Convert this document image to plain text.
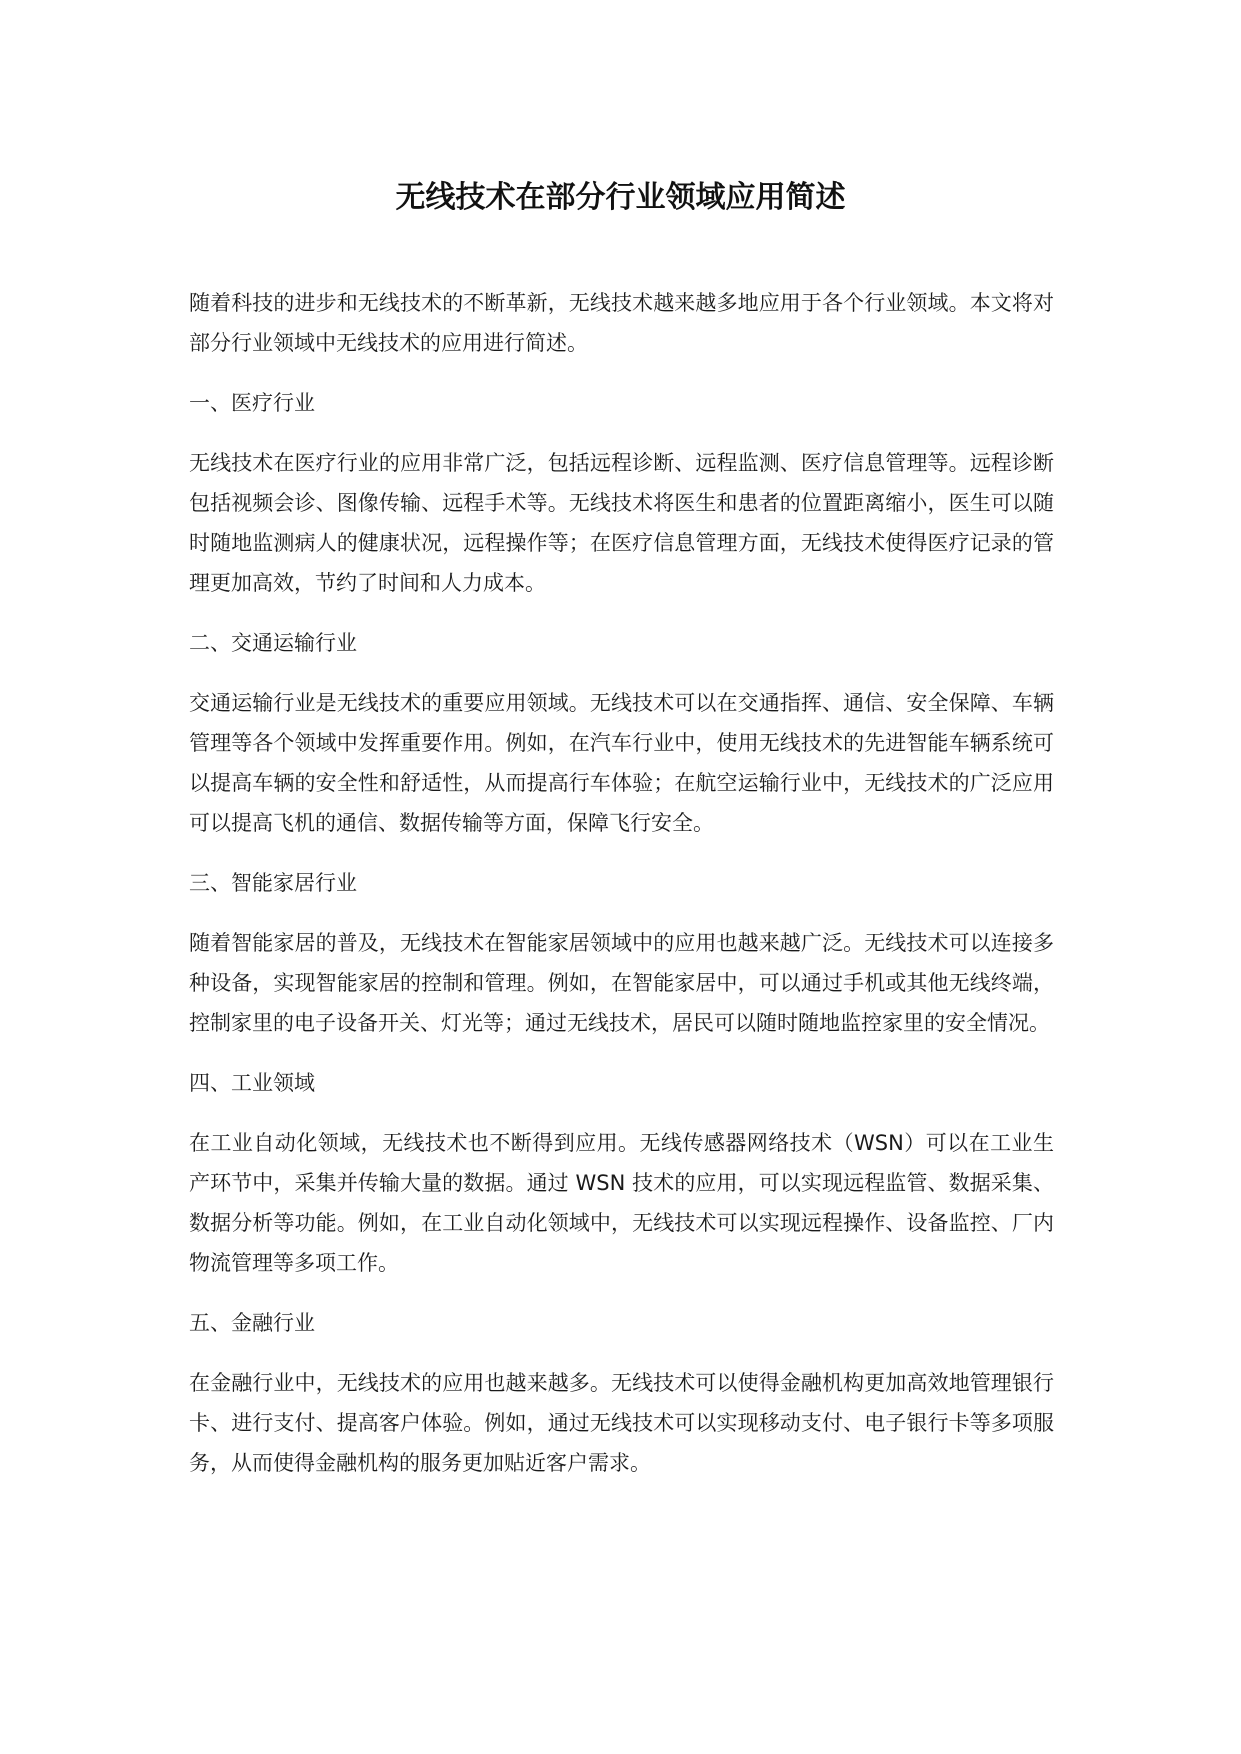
无线技术在部分行业领域应用简述

随着科技的进步和无线技术的不断革新，无线技术越来越多地应用于各个行业领域。本文将对部分行业领域中无线技术的应用进行简述。

一、医疗行业

无线技术在医疗行业的应用非常广泛，包括远程诊断、远程监测、医疗信息管理等。远程诊断包括视频会诊、图像传输、远程手术等。无线技术将医生和患者的位置距离缩小，医生可以随时随地监测病人的健康状况，远程操作等；在医疗信息管理方面，无线技术使得医疗记录的管理更加高效，节约了时间和人力成本。

二、交通运输行业

交通运输行业是无线技术的重要应用领域。无线技术可以在交通指挥、通信、安全保障、车辆管理等各个领域中发挥重要作用。例如，在汽车行业中，使用无线技术的先进智能车辆系统可以提高车辆的安全性和舒适性，从而提高行车体验；在航空运输行业中，无线技术的广泛应用可以提高飞机的通信、数据传输等方面，保障飞行安全。

三、智能家居行业

随着智能家居的普及，无线技术在智能家居领域中的应用也越来越广泛。无线技术可以连接多种设备，实现智能家居的控制和管理。例如，在智能家居中，可以通过手机或其他无线终端，控制家里的电子设备开关、灯光等；通过无线技术，居民可以随时随地监控家里的安全情况。

四、工业领域

在工业自动化领域，无线技术也不断得到应用。无线传感器网络技术（WSN）可以在工业生产环节中，采集并传输大量的数据。通过 WSN 技术的应用，可以实现远程监管、数据采集、数据分析等功能。例如，在工业自动化领域中，无线技术可以实现远程操作、设备监控、厂内物流管理等多项工作。

五、金融行业

在金融行业中，无线技术的应用也越来越多。无线技术可以使得金融机构更加高效地管理银行卡、进行支付、提高客户体验。例如，通过无线技术可以实现移动支付、电子银行卡等多项服务，从而使得金融机构的服务更加贴近客户需求。
